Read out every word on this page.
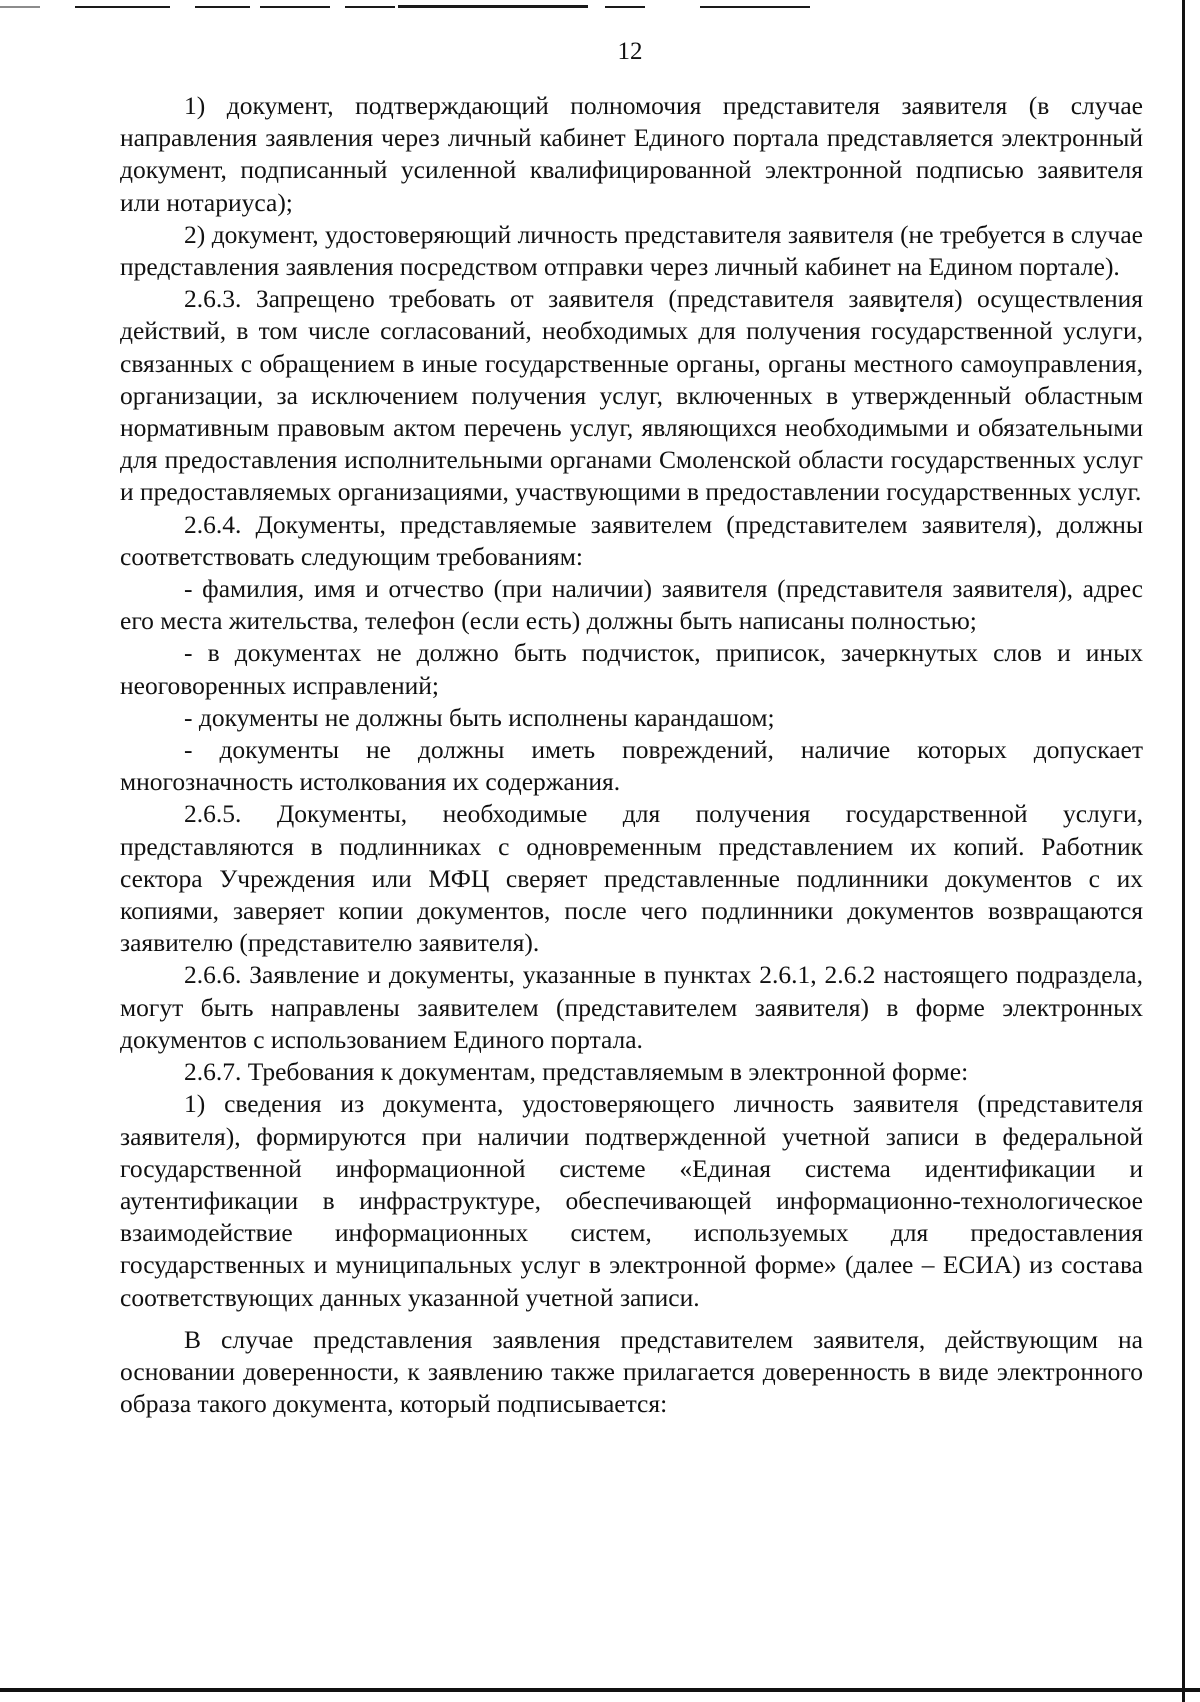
12

1) документ, подтверждающий полномочия представителя заявителя (в случае направления заявления через личный кабинет Единого портала представляется электронный документ, подписанный усиленной квалифицированной электронной подписью заявителя или нотариуса);

2) документ, удостоверяющий личность представителя заявителя (не требуется в случае представления заявления посредством отправки через личный кабинет на Едином портале).

2.6.3. Запрещено требовать от заявителя (представителя заявителя) осуществления действий, в том числе согласований, необходимых для получения государственной услуги, связанных с обращением в иные государственные органы, органы местного самоуправления, организации, за исключением получения услуг, включенных в утвержденный областным нормативным правовым актом перечень услуг, являющихся необходимыми и обязательными для предоставления исполнительными органами Смоленской области государственных услуг и предоставляемых организациями, участвующими в предоставлении государственных услуг.

2.6.4. Документы, представляемые заявителем (представителем заявителя), должны соответствовать следующим требованиям:

- фамилия, имя и отчество (при наличии) заявителя (представителя заявителя), адрес его места жительства, телефон (если есть) должны быть написаны полностью;

- в документах не должно быть подчисток, приписок, зачеркнутых слов и иных неоговоренных исправлений;

- документы не должны быть исполнены карандашом;

- документы не должны иметь повреждений, наличие которых допускает многозначность истолкования их содержания.

2.6.5. Документы, необходимые для получения государственной услуги, представляются в подлинниках с одновременным представлением их копий. Работник сектора Учреждения или МФЦ сверяет представленные подлинники документов с их копиями, заверяет копии документов, после чего подлинники документов возвращаются заявителю (представителю заявителя).

2.6.6. Заявление и документы, указанные в пунктах 2.6.1, 2.6.2 настоящего подраздела, могут быть направлены заявителем (представителем заявителя) в форме электронных документов с использованием Единого портала.

2.6.7. Требования к документам, представляемым в электронной форме:

1) сведения из документа, удостоверяющего личность заявителя (представителя заявителя), формируются при наличии подтвержденной учетной записи в федеральной государственной информационной системе «Единая система идентификации и аутентификации в инфраструктуре, обеспечивающей информационно-технологическое взаимодействие информационных систем, используемых для предоставления государственных и муниципальных услуг в электронной форме» (далее – ЕСИА) из состава соответствующих данных указанной учетной записи.

В случае представления заявления представителем заявителя, действующим на основании доверенности, к заявлению также прилагается доверенность в виде электронного образа такого документа, который подписывается:
